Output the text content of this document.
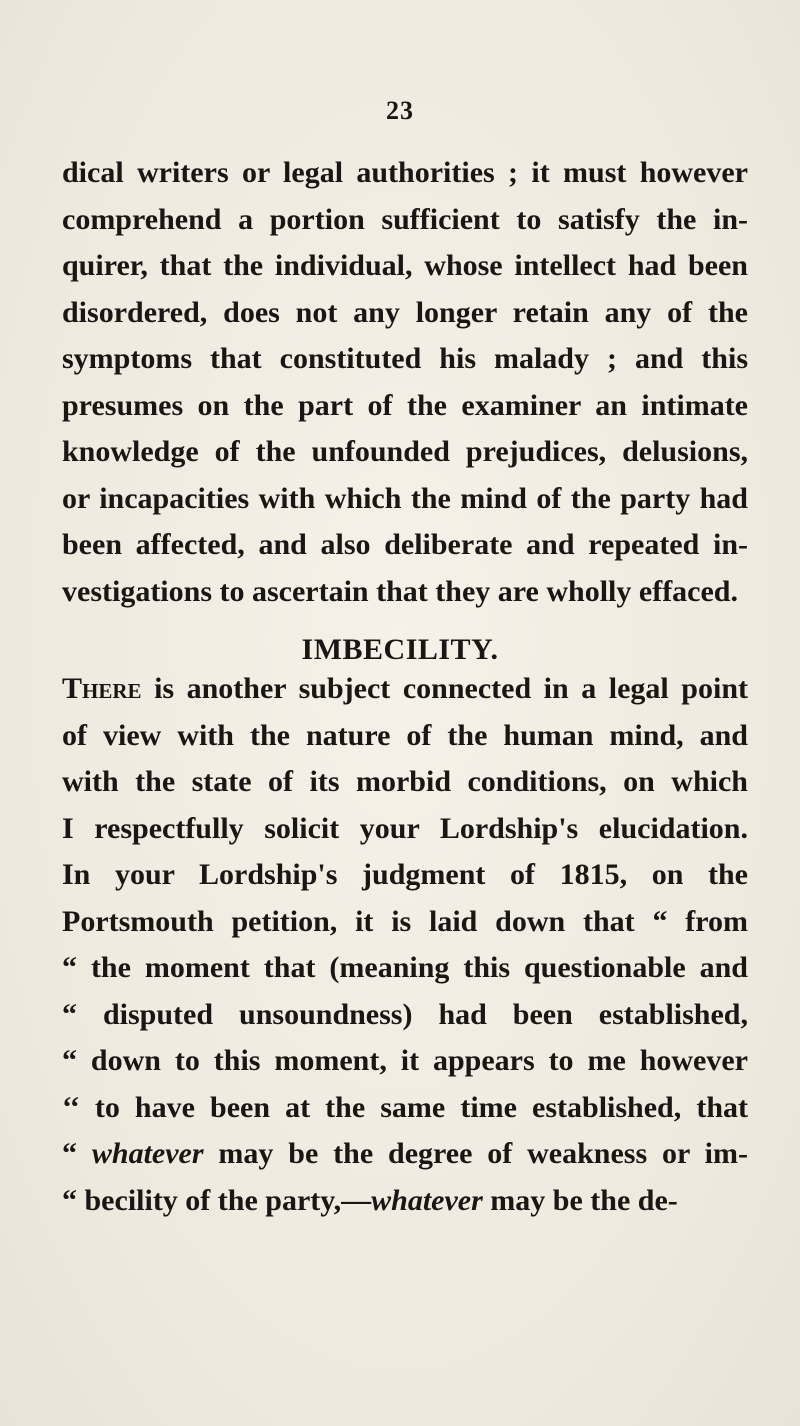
23
dical writers or legal authorities ; it must however
comprehend a portion sufficient to satisfy the in-
quirer, that the individual, whose intellect had been
disordered, does not any longer retain any of the
symptoms that constituted his malady ; and this
presumes on the part of the examiner an intimate
knowledge of the unfounded prejudices, delusions,
or incapacities with which the mind of the party had
been affected, and also deliberate and repeated in-
vestigations to ascertain that they are wholly effaced.
IMBECILITY.
There is another subject connected in a legal point
of view with the nature of the human mind, and
with the state of its morbid conditions, on which
I respectfully solicit your Lordship's elucidation.
In your Lordship's judgment of 1815, on the
Portsmouth petition, it is laid down that “ from
“ the moment that (meaning this questionable and
“ disputed unsoundness) had been established,
“ down to this moment, it appears to me however
‘‘ to have been at the same time established, that
“ whatever may be the degree of weakness or im-
“ becility of the party,—whatever may be the de-
